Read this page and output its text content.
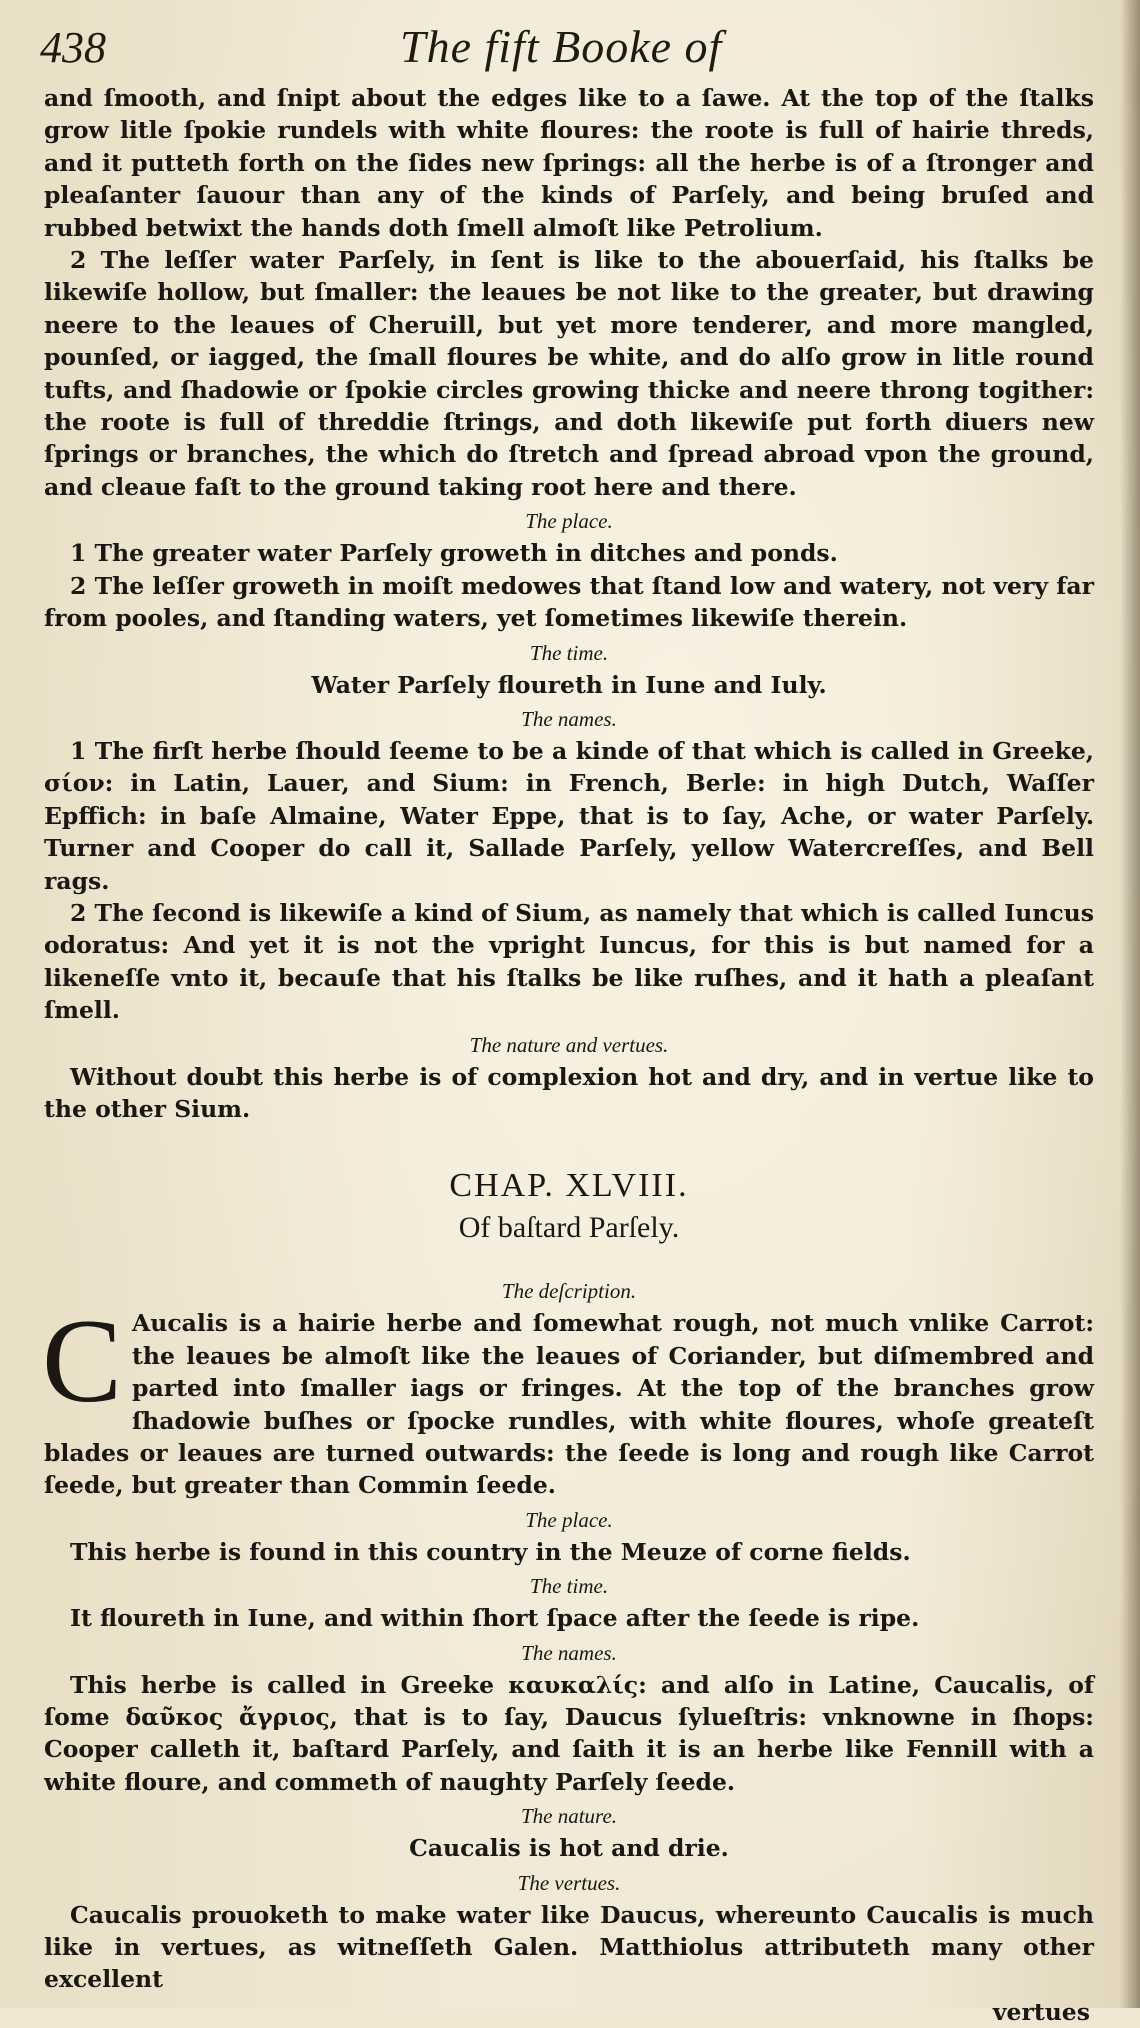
438	The fift Booke of

and ſmooth, and ſnipt about the edges like to a ſawe. At the top of the ſtalks grow litle ſpokie rundels with white floures: the roote is full of hairie threds, and it putteth forth on the ſides new ſprings: all the herbe is of a ſtronger and pleaſanter ſauour than any of the kinds of Parſely, and being bruſed and rubbed betwixt the hands doth ſmell almoſt like Petrolium.

2 The leſſer water Parſely, in ſent is like to the abouerſaid, his ſtalks be likewiſe hollow, but ſmaller: the leaues be not like to the greater, but drawing neere to the leaues of Cheruill, but yet more tenderer, and more mangled, pounſed, or iagged, the ſmall floures be white, and do alſo grow in litle round tufts, and ſhadowie or ſpokie circles growing thicke and neere throng togither: the roote is full of threddie ſtrings, and doth likewiſe put forth diuers new ſprings or branches, the which do ſtretch and ſpread abroad vpon the ground, and cleaue faſt to the ground taking root here and there.

The place.

1 The greater water Parſely groweth in ditches and ponds.

2 The leſſer groweth in moiſt medowes that ſtand low and watery, not very far from pooles, and ſtanding waters, yet ſometimes likewiſe therein.

The time.

Water Parſely floureth in Iune and Iuly.

The names.

1 The firſt herbe ſhould ſeeme to be a kinde of that which is called in Greeke, σίον: in Latin, Lauer, and Sium: in French, Berle: in high Dutch, Waſſer Epffich: in baſe Almaine, Water Eppe, that is to ſay, Ache, or water Parſely. Turner and Cooper do call it, Sallade Parſely, yellow Watercreſſes, and Bell rags.

2 The ſecond is likewiſe a kind of Sium, as namely that which is called Iuncus odoratus: And yet it is not the vpright Iuncus, for this is but named for a likeneſſe vnto it, becauſe that his ſtalks be like ruſhes, and it hath a pleaſant ſmell.

The nature and vertues.

Without doubt this herbe is of complexion hot and dry, and in vertue like to the other Sium.

CHAP. XLVIII.

Of baſtard Parſely.

The deſcription.

C Aucalis is a hairie herbe and ſomewhat rough, not much vnlike Carrot: the leaues be almoſt like the leaues of Coriander, but diſmembred and parted into ſmaller iags or fringes. At the top of the branches grow ſhadowie buſhes or ſpocke rundles, with white floures, whoſe greateſt blades or leaues are turned outwards: the ſeede is long and rough like Carrot ſeede, but greater than Commin ſeede.

The place.

This herbe is found in this country in the Meuze of corne fields.

The time.

It floureth in Iune, and within ſhort ſpace after the ſeede is ripe.

The names.

This herbe is called in Greeke καυκαλίς: and alſo in Latine, Caucalis, of ſome δαῦκος ἄγριος, that is to ſay, Daucus ſylueſtris: vnknowne in ſhops: Cooper calleth it, baſtard Parſely, and ſaith it is an herbe like Fennill with a white floure, and commeth of naughty Parſely ſeede.

The nature.

Caucalis is hot and drie.

The vertues.

Caucalis prouoketh to make water like Daucus, whereunto Caucalis is much like in vertues, as witneſſeth Galen. Matthiolus attributeth many other excellent

vertues
